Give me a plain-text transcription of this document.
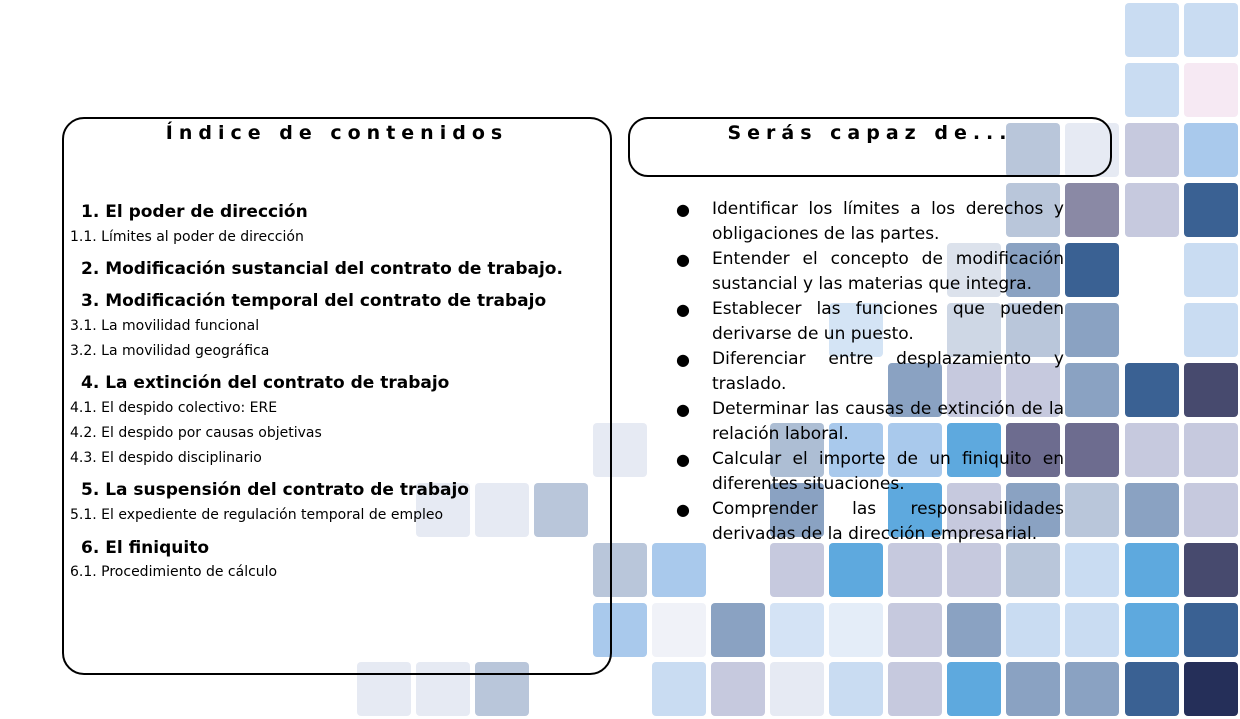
Índice de contenidos	Serás capaz de...
1. El poder de dirección
1.1. Límites al poder de dirección
2. Modificación sustancial del contrato de trabajo.
3. Modificación temporal del contrato de trabajo
3.1. La movilidad funcional
3.2. La movilidad geográfica
4. La extinción del contrato de trabajo
4.1. El despido colectivo: ERE
4.2. El despido por causas objetivas
4.3. El despido disciplinario
5. La suspensión del contrato de trabajo
5.1. El expediente de regulación temporal de empleo
6. El finiquito
6.1. Procedimiento de cálculo
● Identificar los límites a los derechos y obligaciones de las partes.
● Entender el concepto de modificación sustancial y las materias que integra.
● Establecer las funciones que pueden derivarse de un puesto.
● Diferenciar entre desplazamiento y traslado.
● Determinar las causas de extinción de la relación laboral.
● Calcular el importe de un finiquito en diferentes situaciones.
● Comprender las responsabilidades derivadas de la dirección empresarial.
